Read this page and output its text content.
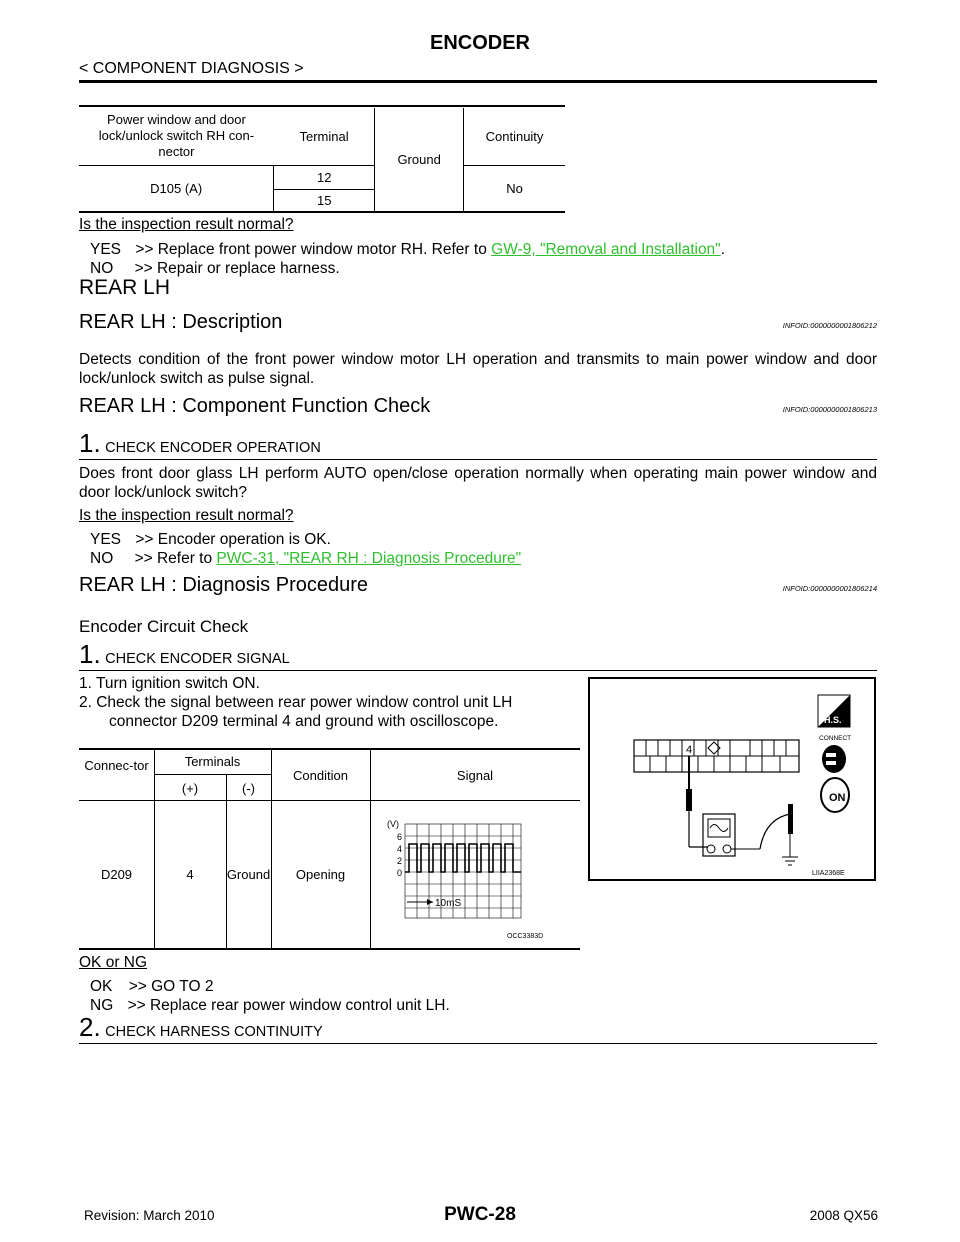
ENCODER
< COMPONENT DIAGNOSIS >

Power window and door lock/unlock switch RH con-nector	Terminal	Ground	Continuity
D105 (A)	12		No
	15		

Is the inspection result normal?
YES >> Replace front power window motor RH. Refer to GW-9, "Removal and Installation".
NO >> Repair or replace harness.
REAR LH
REAR LH : Description	INFOID:0000000001806212
Detects condition of the front power window motor LH operation and transmits to main power window and door lock/unlock switch as pulse signal.
REAR LH : Component Function Check	INFOID:0000000001806213
1. CHECK ENCODER OPERATION
Does front door glass LH perform AUTO open/close operation normally when operating main power window and door lock/unlock switch?
Is the inspection result normal?
YES >> Encoder operation is OK.
NO >> Refer to PWC-31, "REAR RH : Diagnosis Procedure"
REAR LH : Diagnosis Procedure	INFOID:0000000001806214
Encoder Circuit Check
1. CHECK ENCODER SIGNAL
1. Turn ignition switch ON.
2. Check the signal between rear power window control unit LH
connector D209 terminal 4 and ground with oscilloscope.
4
H.S.
CONNECT
ON
LIIA2368E
Connec-tor	Terminals
(+)	(-)
Condition	Signal
D209	4	Ground	Opening
(V)
6
4
2
0
10mS
OCC3383D
OK or NG
OK >> GO TO 2
NG >> Replace rear power window control unit LH.
2. CHECK HARNESS CONTINUITY
Revision: March 2010	PWC-28	2008 QX56
